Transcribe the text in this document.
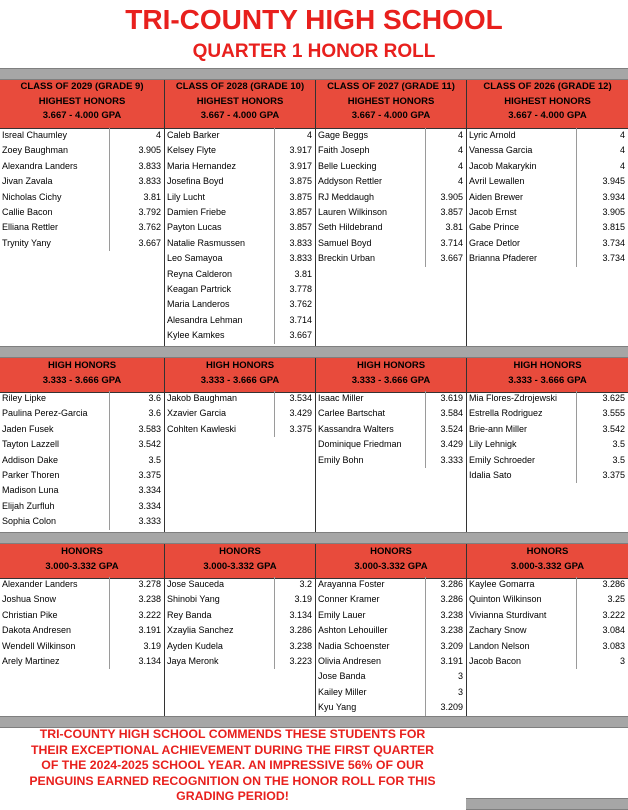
TRI-COUNTY HIGH SCHOOL
QUARTER 1 HONOR ROLL
CLASS OF 2029 (GRADE 9)
HIGHEST HONORS
3.667 - 4.000 GPA
Isreal Chaumley	4
Zoey Baughman	3.905
Alexandra Landers	3.833
Jivan Zavala	3.833
Nicholas Cichy	3.81
Callie Bacon	3.792
Elliana Rettler	3.762
Trynity Yany	3.667
CLASS OF 2028 (GRADE 10)
HIGHEST HONORS
3.667 - 4.000 GPA
Caleb Barker	4
Kelsey Flyte	3.917
Maria Hernandez	3.917
Josefina Boyd	3.875
Lily Lucht	3.875
Damien Friebe	3.857
Payton Lucas	3.857
Natalie Rasmussen	3.833
Leo Samayoa	3.833
Reyna Calderon	3.81
Keagan Partrick	3.778
Maria Landeros	3.762
Alesandra Lehman	3.714
Kylee Kamkes	3.667
CLASS OF 2027 (GRADE 11)
HIGHEST HONORS
3.667 - 4.000 GPA
Gage Beggs	4
Faith Joseph	4
Belle Luecking	4
Addyson Rettler	4
RJ Meddaugh	3.905
Lauren Wilkinson	3.857
Seth Hildebrand	3.81
Samuel Boyd	3.714
Breckin Urban	3.667
CLASS OF 2026 (GRADE 12)
HIGHEST HONORS
3.667 - 4.000 GPA
Lyric Arnold	4
Vanessa Garcia	4
Jacob Makarykin	4
Avril Lewallen	3.945
Aiden Brewer	3.934
Jacob Ernst	3.905
Gabe Prince	3.815
Grace Detlor	3.734
Brianna Pfaderer	3.734
HIGH HONORS
3.333 - 3.666 GPA
Riley Lipke	3.6
Paulina Perez-Garcia	3.6
Jaden Fusek	3.583
Tayton Lazzell	3.542
Addison Dake	3.5
Parker Thoren	3.375
Madison Luna	3.334
Elijah Zurfluh	3.334
Sophia Colon	3.333
HIGH HONORS
3.333 - 3.666 GPA
Jakob Baughman	3.534
Xzavier Garcia	3.429
Cohlten Kawleski	3.375
HIGH HONORS
3.333 - 3.666 GPA
Isaac Miller	3.619
Carlee Bartschat	3.584
Kassandra Walters	3.524
Dominique Friedman	3.429
Emily Bohn	3.333
HIGH HONORS
3.333 - 3.666 GPA
Mia Flores-Zdrojewski	3.625
Estrella Rodriguez	3.555
Brie-ann Miller	3.542
Lily Lehnigk	3.5
Emily Schroeder	3.5
Idalia Sato	3.375
HONORS
3.000-3.332 GPA
Alexander Landers	3.278
Joshua Snow	3.238
Christian Pike	3.222
Dakota Andresen	3.191
Wendell Wilkinson	3.19
Arely Martinez	3.134
HONORS
3.000-3.332 GPA
Jose Sauceda	3.2
Shinobi Yang	3.19
Rey Banda	3.134
Xzaylia Sanchez	3.286
Ayden Kudela	3.238
Jaya Meronk	3.223
HONORS
3.000-3.332 GPA
Arayanna Foster	3.286
Conner Kramer	3.286
Emily Lauer	3.238
Ashton Lehouiller	3.238
Nadia Schoenster	3.209
Olivia Andresen	3.191
Jose Banda	3
Kailey Miller	3
Kyu Yang	3.209
HONORS
3.000-3.332 GPA
Kaylee Gomarra	3.286
Quinton Wilkinson	3.25
Vivianna Sturdivant	3.222
Zachary Snow	3.084
Landon Nelson	3.083
Jacob Bacon	3
TRI-COUNTY HIGH SCHOOL COMMENDS THESE STUDENTS FOR
THEIR EXCEPTIONAL ACHIEVEMENT DURING THE FIRST QUARTER
OF THE 2024-2025 SCHOOL YEAR. AN IMPRESSIVE 56% OF OUR
PENGUINS EARNED RECOGNITION ON THE HONOR ROLL FOR THIS
GRADING PERIOD!
